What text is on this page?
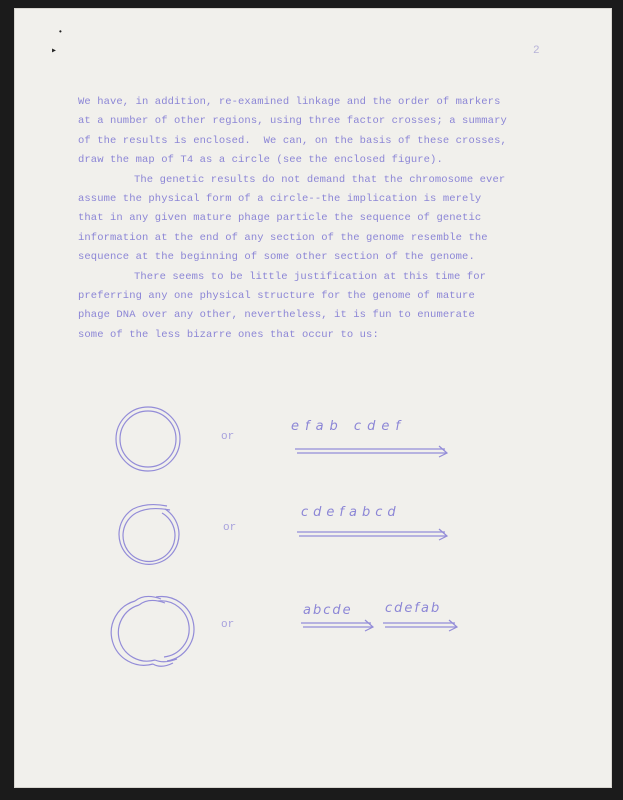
•
▸	2

We have, in addition, re-examined linkage and the order of markers
at a number of other regions, using three factor crosses; a summary
of the results is enclosed.  We can, on the basis of these crosses,
draw the map of T4 as a circle (see the enclosed figure).

The genetic results do not demand that the chromosome ever
assume the physical form of a circle--the implication is merely
that in any given mature phage particle the sequence of genetic
information at the end of any section of the genome resemble the
sequence at the beginning of some other section of the genome.

There seems to be little justification at this time for
preferring any one physical structure for the genome of mature
phage DNA over any other, nevertheless, it is fun to enumerate
some of the less bizarre ones that occur to us:

or
or
or
efab cdef
cdefabcd
abcde cdefab
